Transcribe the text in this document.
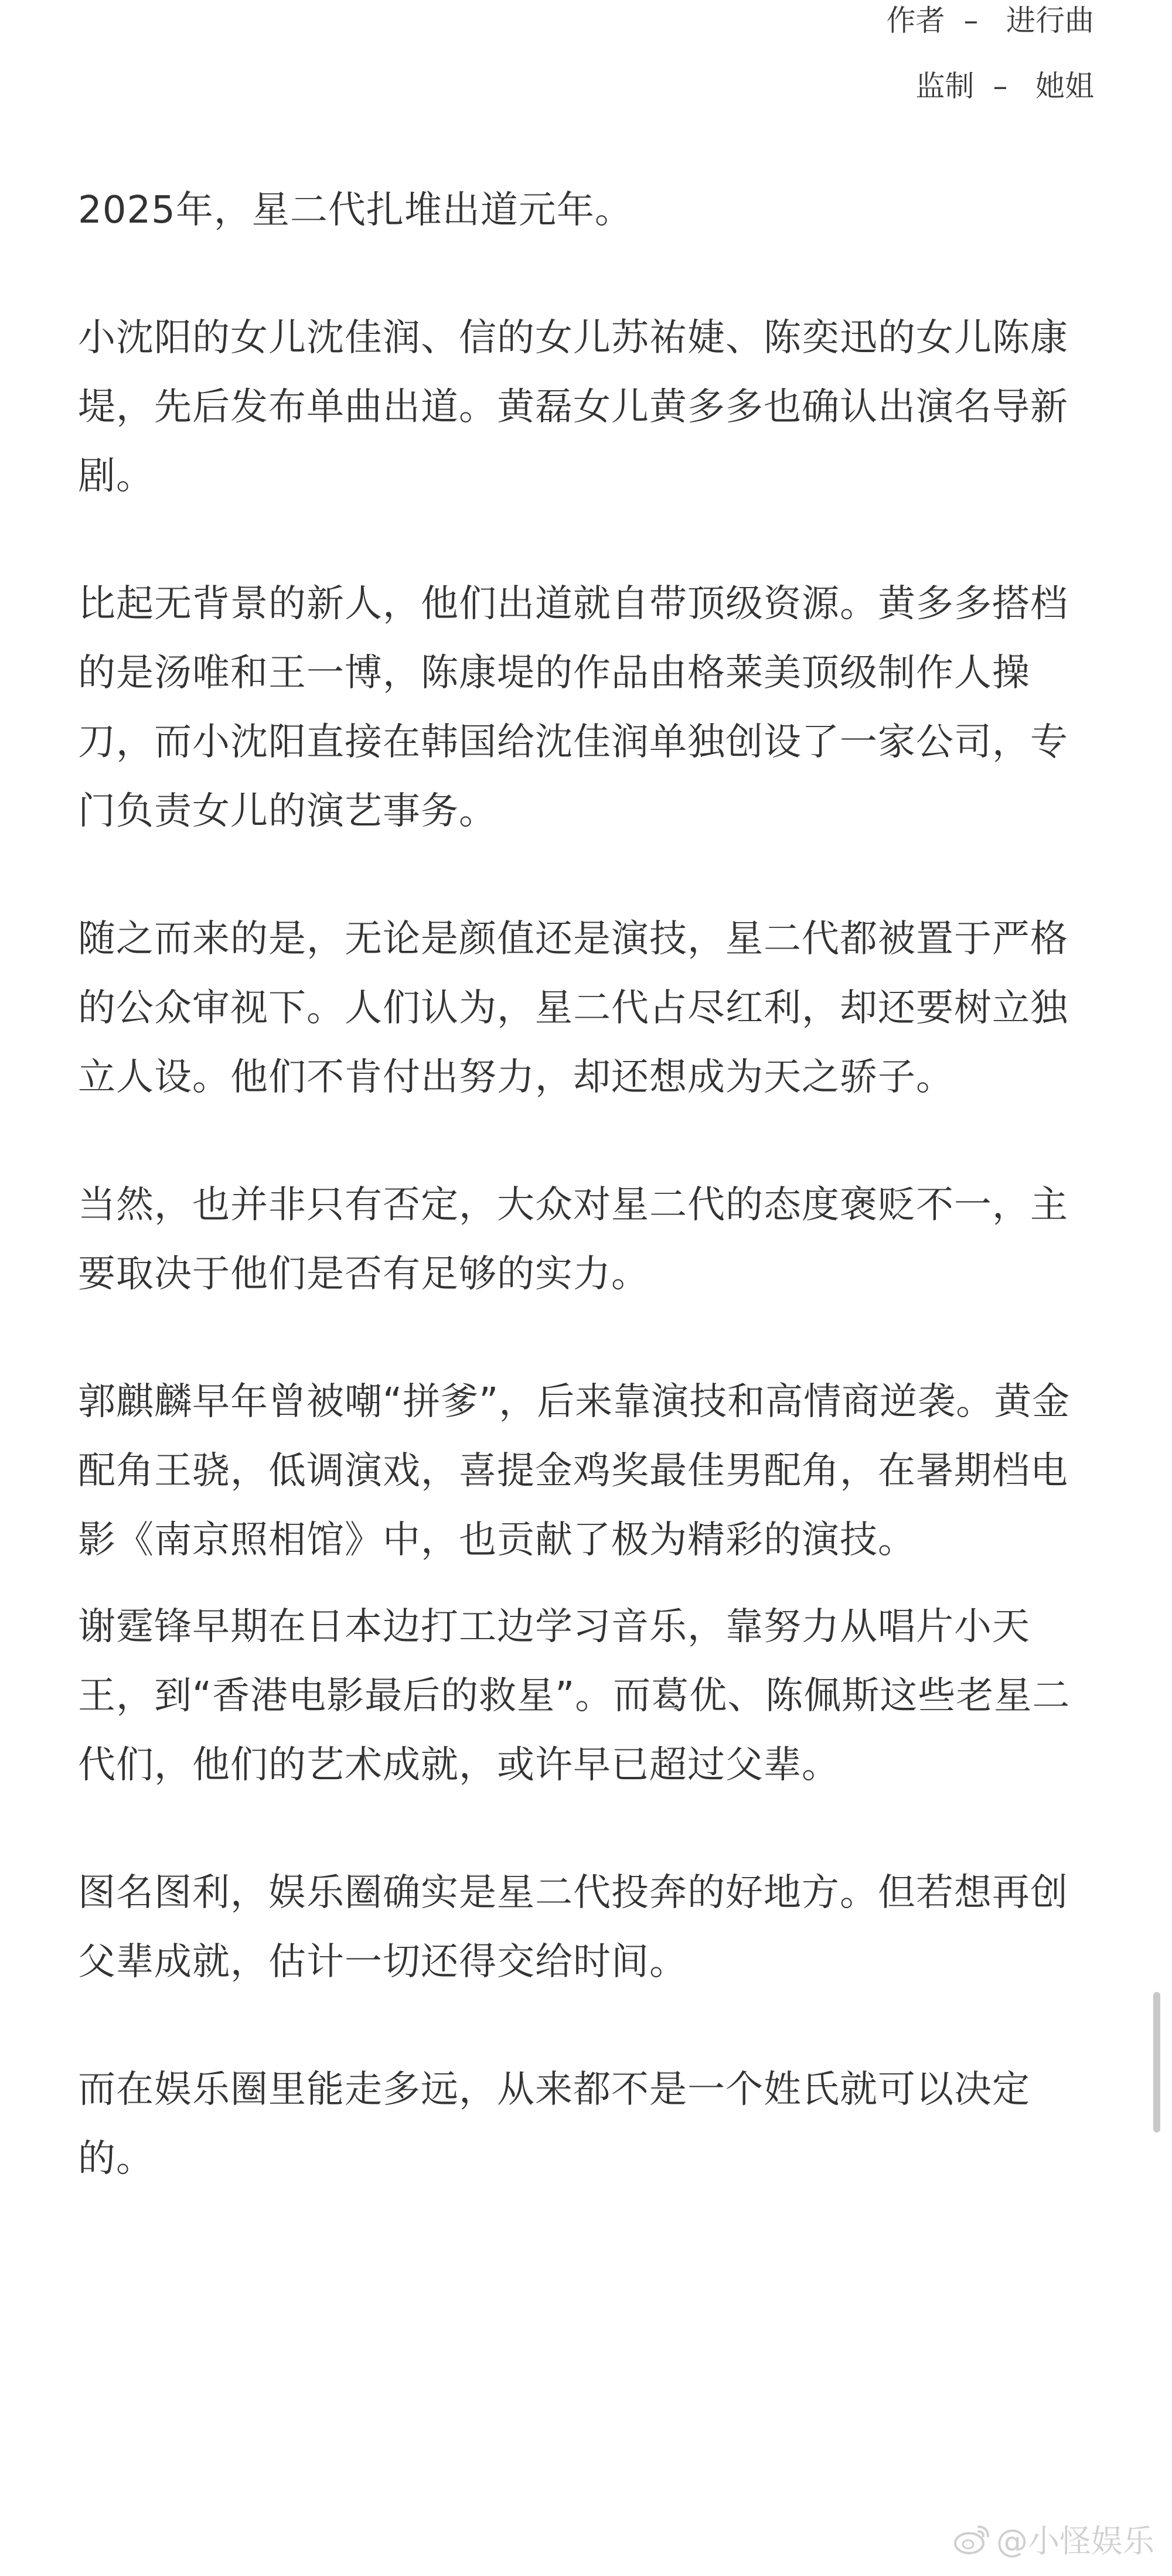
作者  –   进行曲
监制  –   她姐

2025年，星二代扎堆出道元年。

小沈阳的女儿沈佳润、信的女儿苏祐婕、陈奕迅的女儿陈康堤，先后发布单曲出道。黄磊女儿黄多多也确认出演名导新剧。

比起无背景的新人，他们出道就自带顶级资源。黄多多搭档的是汤唯和王一博，陈康堤的作品由格莱美顶级制作人操刀，而小沈阳直接在韩国给沈佳润单独创设了一家公司，专门负责女儿的演艺事务。

随之而来的是，无论是颜值还是演技，星二代都被置于严格的公众审视下。人们认为，星二代占尽红利，却还要树立独立人设。他们不肯付出努力，却还想成为天之骄子。

当然，也并非只有否定，大众对星二代的态度褒贬不一，主要取决于他们是否有足够的实力。

郭麒麟早年曾被嘲“拼爹”，后来靠演技和高情商逆袭。黄金配角王骁，低调演戏，喜提金鸡奖最佳男配角，在暑期档电影《南京照相馆》中，也贡献了极为精彩的演技。

谢霆锋早期在日本边打工边学习音乐，靠努力从唱片小天王，到“香港电影最后的救星”。而葛优、陈佩斯这些老星二代们，他们的艺术成就，或许早已超过父辈。

图名图利，娱乐圈确实是星二代投奔的好地方。但若想再创父辈成就，估计一切还得交给时间。

而在娱乐圈里能走多远，从来都不是一个姓氏就可以决定的。

@小怪娱乐
